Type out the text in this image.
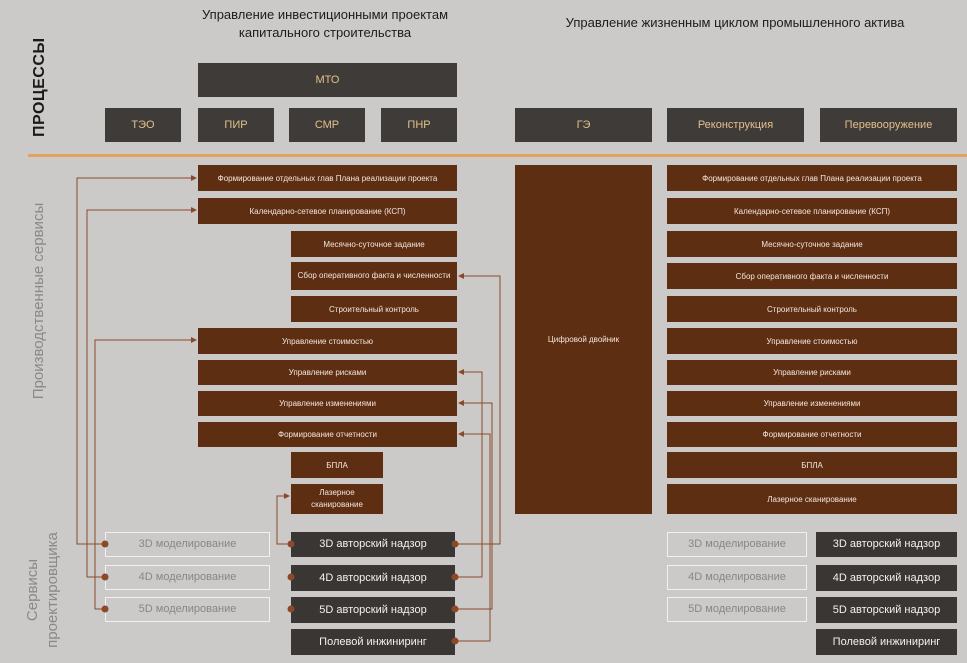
Управление инвестиционными проектам капитального строительства
Управление жизненным циклом промышленного актива
ПРОЦЕССЫ
Производственные сервисы
Сервисы проектировщика
МТО
ТЭО	ПИР	СМР	ПНР	ГЭ	Реконструкция	Перевооружение
Формирование отдельных глав Плана реализации проекта
Календарно-сетевое планирование (КСП)
Месячно-суточное задание
Сбор оперативного факта и численности
Строительный контроль
Управление стоимостью
Управление рисками
Управление изменениями
Формирование отчетности
БПЛА
Лазерное сканирование
Цифровой двойник
Формирование отдельных глав Плана реализации проекта
Календарно-сетевое планирование (КСП)
Месячно-суточное задание
Сбор оперативного факта и численности
Строительный контроль
Управление стоимостью
Управление рисками
Управление изменениями
Формирование отчетности
БПЛА
Лазерное сканирование
3D моделирование
4D моделирование
5D моделирование
3D авторский надзор
4D авторский надзор
5D авторский надзор
Полевой инжиниринг
3D моделирование
4D моделирование
5D моделирование
3D авторский надзор
4D авторский надзор
5D авторский надзор
Полевой инжиниринг
